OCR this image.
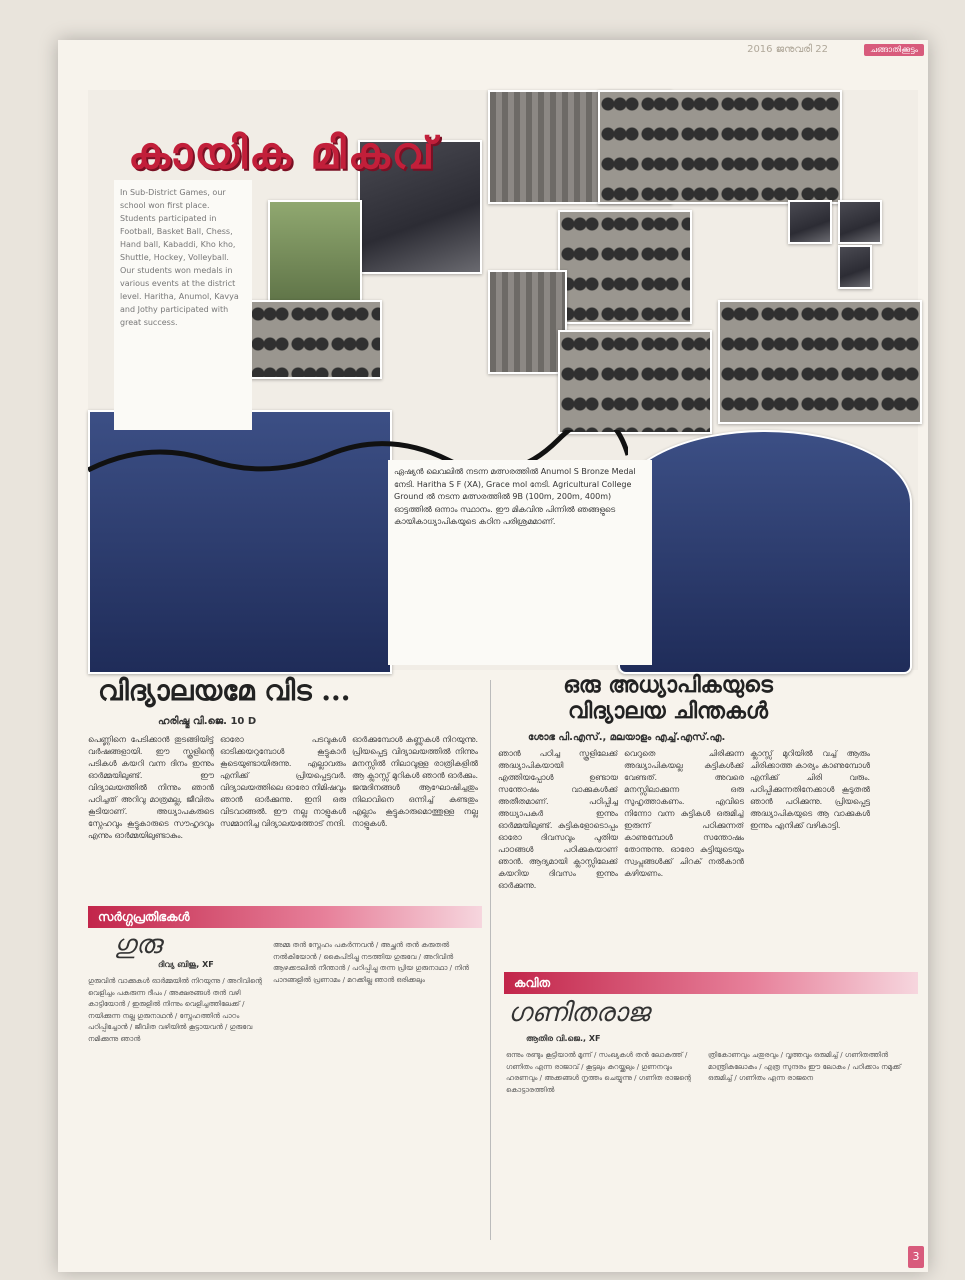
2016 ജനുവരി 22	ചങ്ങാതിക്കൂട്ടം
കായിക മികവ്
In Sub-District Games, our school won first place. Students participated in Football, Basket Ball, Chess, Hand ball, Kabaddi, Kho kho, Shuttle, Hockey, Volleyball. Our students won medals in various events at the district level. Haritha, Anumol, Kavya and Jothy participated with great success.
ഏഷ്യൻ ലെവലിൽ നടന്ന മത്സരത്തിൽ Anumol S Bronze Medal നേടി. Haritha S F (XA), Grace mol നേടി. Agricultural College Ground ൽ നടന്ന മത്സരത്തിൽ 9B (100m, 200m, 400m) ഓട്ടത്തിൽ ഒന്നാം സ്ഥാനം. ഈ മികവിനു പിന്നിൽ ഞങ്ങളുടെ കായികാധ്യാപികയുടെ കഠിന പരിശ്രമമാണ്.
വിദ്യാലയമേ വിട ...
ഹരിഷ്മ വി.ജെ. 10 D
പെണ്ണിനെ പേടിക്കാൻ തുടങ്ങിയിട്ട് വർഷങ്ങളായി. ഈ സ്കൂളിന്റെ പടികൾ കയറി വന്ന ദിനം ഇന്നും ഓർമ്മയിലുണ്ട്. ഈ വിദ്യാലയത്തിൽ നിന്നും ഞാൻ പഠിച്ചത് അറിവു മാത്രമല്ല, ജീവിതം കൂടിയാണ്. അധ്യാപകരുടെ സ്നേഹവും കൂട്ടുകാരുടെ സൗഹൃദവും എന്നും ഓർമ്മയിലുണ്ടാകും.
ഓരോ പടവുകൾ ഓടിക്കയറുമ്പോൾ കൂട്ടുകാർ കൂടെയുണ്ടായിരുന്നു. എല്ലാവരും എനിക്ക് പ്രിയപ്പെട്ടവർ. വിദ്യാലയത്തിലെ ഓരോ നിമിഷവും ഞാൻ ഓർക്കുന്നു. ഇനി ഒരു വിടവാങ്ങൽ. ഈ നല്ല നാളുകൾ സമ്മാനിച്ച വിദ്യാലയത്തോട് നന്ദി.
ഓർക്കുമ്പോൾ കണ്ണുകൾ നിറയുന്നു. പ്രിയപ്പെട്ട വിദ്യാലയത്തിൽ നിന്നും മനസ്സിൽ നിലാവുള്ള രാത്രികളിൽ ആ ക്ലാസ്സ് മുറികൾ ഞാൻ ഓർക്കും. ജന്മദിനങ്ങൾ ആഘോഷിച്ചതും നിലാവിനെ ഒന്നിച്ച് കണ്ടതും എല്ലാം കൂട്ടുകാരുമൊത്തുള്ള നല്ല നാളുകൾ.
ഒരു അധ്യാപികയുടെ
വിദ്യാലയ ചിന്തകൾ
ശോഭ പി.എസ്., മലയാളം എച്ച്.എസ്.എ.
ഞാൻ പഠിച്ച സ്കൂളിലേക്ക് അദ്ധ്യാപികയായി എത്തിയപ്പോൾ ഉണ്ടായ സന്തോഷം വാക്കുകൾക്ക് അതീതമാണ്. പഠിപ്പിച്ച അധ്യാപകർ ഇന്നും ഓർമ്മയിലുണ്ട്. കുട്ടികളോടൊപ്പം ഓരോ ദിവസവും പുതിയ പാഠങ്ങൾ പഠിക്കുകയാണ് ഞാൻ. ആദ്യമായി ക്ലാസ്സിലേക്ക് കയറിയ ദിവസം ഇന്നും ഓർക്കുന്നു.
വെറുതെ ചിരിക്കുന്ന അദ്ധ്യാപികയല്ല കുട്ടികൾക്ക് വേണ്ടത്. അവരെ മനസ്സിലാക്കുന്ന ഒരു സുഹൃത്താകണം. എവിടെ നിന്നോ വന്ന കുട്ടികൾ ഒരുമിച്ച് ഇരുന്ന് പഠിക്കുന്നത് കാണുമ്പോൾ സന്തോഷം തോന്നുന്നു. ഓരോ കുട്ടിയുടെയും സ്വപ്നങ്ങൾക്ക് ചിറക് നൽകാൻ കഴിയണം.
ക്ലാസ്സ് മുറിയിൽ വച്ച് ആരും ചിരിക്കാത്ത കാര്യം കാണുമ്പോൾ എനിക്ക് ചിരി വരും. പഠിപ്പിക്കുന്നതിനേക്കാൾ കൂടുതൽ ഞാൻ പഠിക്കുന്നു. പ്രിയപ്പെട്ട അദ്ധ്യാപികയുടെ ആ വാക്കുകൾ ഇന്നും എനിക്ക് വഴികാട്ടി.
സർഗ്ഗപ്രതിഭകൾ
ഗുരു
ദിവ്യ ബിജു, XF
ഗുരുവിൻ വാക്കുകൾ ഓർമ്മയിൽ നിറയുന്നു / അറിവിന്റെ വെളിച്ചം പകരുന്ന ദീപം / അക്ഷരങ്ങൾ തൻ വഴി കാട്ടിയോൻ / ഇരുളിൽ നിന്നും വെളിച്ചത്തിലേക്ക് / നയിക്കുന്ന നല്ല ഗുരുനാഥൻ / സ്നേഹത്തിൻ പാഠം പഠിപ്പിച്ചോൻ / ജീവിത വഴിയിൽ കൂട്ടായവൻ / ഗുരുവേ നമിക്കുന്നു ഞാൻ
അമ്മ തൻ സ്നേഹം പകർന്നവൻ / അച്ഛൻ തൻ കരുതൽ നൽകിയോൻ / കൈപിടിച്ചു നടത്തിയ ഗുരുവേ / അറിവിൻ ആഴക്കടലിൽ നീന്താൻ / പഠിപ്പിച്ചു തന്ന പ്രിയ ഗുരുനാഥാ / നിൻ പാദങ്ങളിൽ പ്രണാമം / മറക്കില്ല ഞാൻ ഒരിക്കലും	കവിത
ഗണിതരാജ
ആതിര വി.ജെ., XF
ഒന്നും രണ്ടും കൂട്ടിയാൽ മൂന്ന് / സംഖ്യകൾ തൻ ലോകത്ത് / ഗണിതം എന്ന രാജാവ് / കൂട്ടലും കുറയ്ക്കലും / ഗുണനവും ഹരണവും / അക്കങ്ങൾ നൃത്തം ചെയ്യുന്നു / ഗണിത രാജന്റെ കൊട്ടാരത്തിൽ
ത്രികോണവും ചതുരവും / വൃത്തവും ഒരുമിച്ച് / ഗണിതത്തിൻ മാന്ത്രികലോകം / എത്ര സുന്ദരം ഈ ലോകം / പഠിക്കാം നമുക്ക് ഒരുമിച്ച് / ഗണിതം എന്ന രാജനെ
3
